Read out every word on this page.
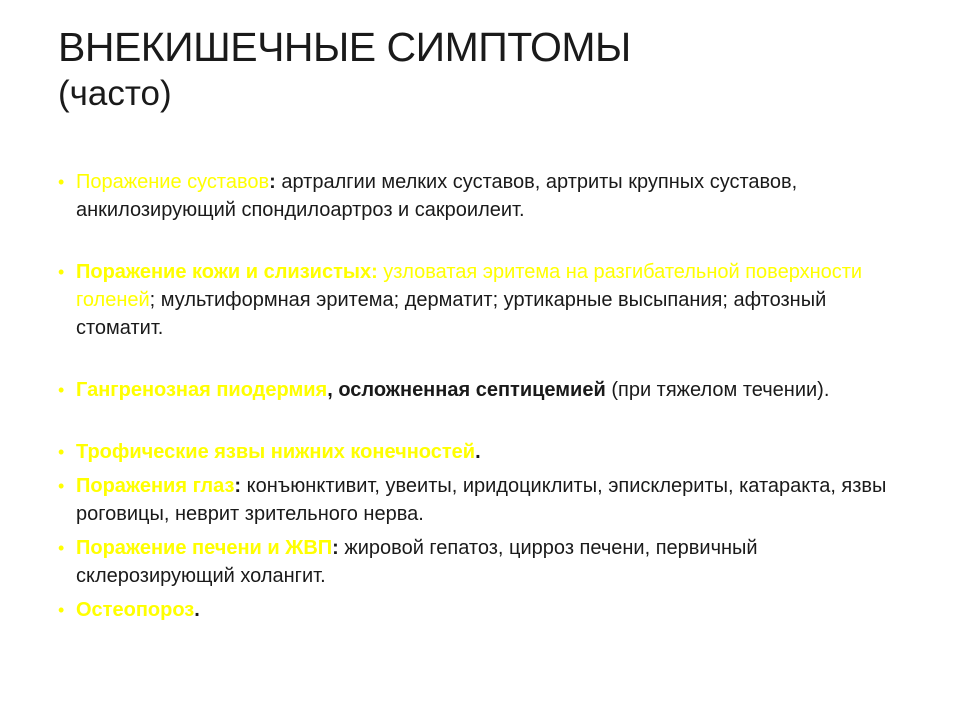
ВНЕКИШЕЧНЫЕ СИМПТОМЫ
(часто)
• Поражение суставов: артралгии мелких суставов, артриты крупных суставов, анкилозирующий спондилоартроз и сакроилеит.
• Поражение кожи и слизистых: узловатая эритема на разгибательной поверхности голеней; мультиформная эритема; дерматит; уртикарные высыпания; афтозный стоматит.
• Гангренозная пиодермия, осложненная септицемией (при тяжелом течении).
• Трофические язвы нижних конечностей.
• Поражения глаз: конъюнктивит, увеиты, иридоциклиты, эписклериты, катаракта, язвы роговицы, неврит зрительного нерва.
• Поражение печени и ЖВП: жировой гепатоз, цирроз печени, первичный склерозирующий холангит.
• Остеопороз.
